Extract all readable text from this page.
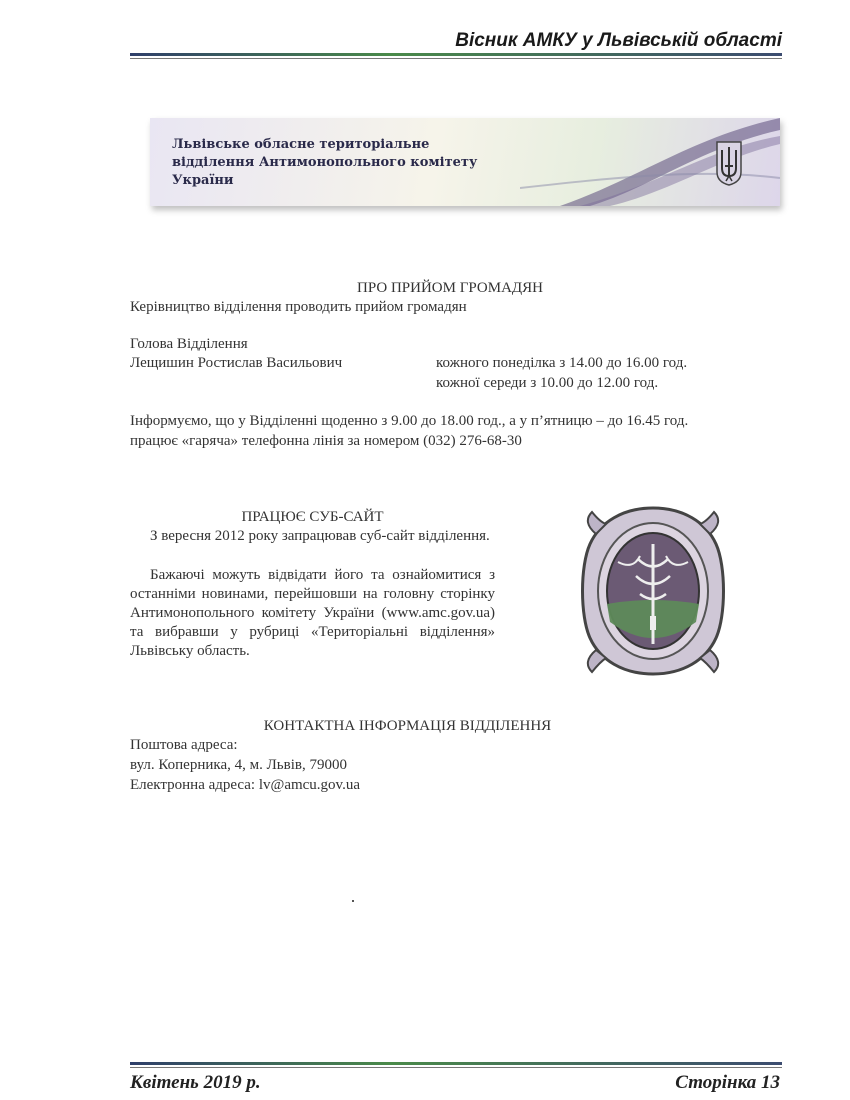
Вісник АМКУ у Львівській області
Львівське обласне територіальне
відділення Антимонопольного комітету
України
ПРО ПРИЙОМ ГРОМАДЯН
Керівництво відділення проводить прийом громадян
Голова Відділення
Лещишин Ростислав Васильович	кожного понеділка з 14.00 до 16.00 год.
кожної середи з 10.00 до 12.00 год.
Інформуємо, що у Відділенні щоденно з 9.00 до 18.00 год., а у п’ятницю – до 16.45 год.
працює «гаряча» телефонна лінія за номером (032) 276-68-30
ПРАЦЮЄ СУБ-САЙТ
З вересня 2012 року запрацював суб-сайт відділення.
Бажаючі можуть відвідати його та ознайомитися з останніми новинами, перейшовши на головну сторінку Антимонопольного комітету України (www.amc.gov.ua) та вибравши у рубриці «Територіальні відділення» Львівську область.
КОНТАКТНА ІНФОРМАЦІЯ ВІДДІЛЕННЯ
Поштова адреса:
вул. Коперника, 4, м. Львів, 79000
Електронна адреса: lv@amcu.gov.ua
Квітень 2019 р.	Сторінка 13
